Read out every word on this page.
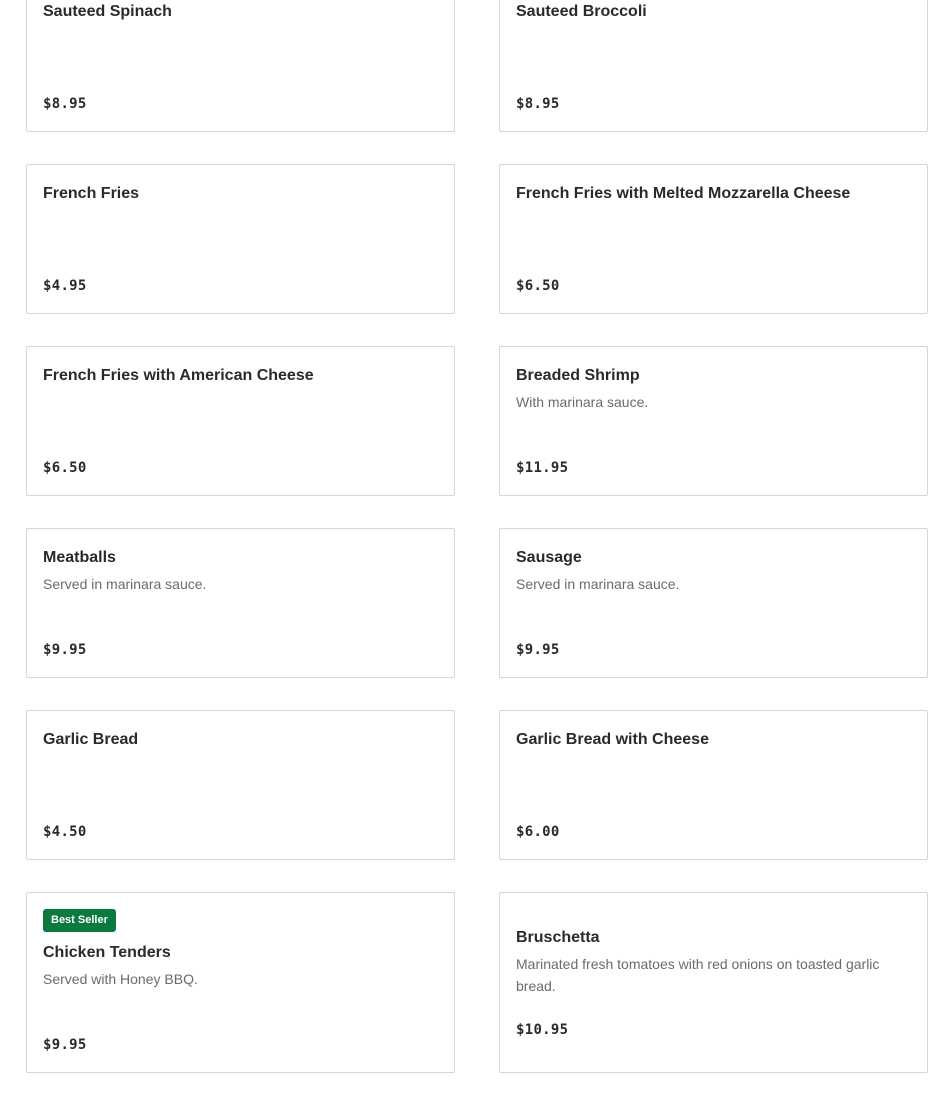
Sauteed Spinach
$8.95
Sauteed Broccoli
$8.95
French Fries
$4.95
French Fries with Melted Mozzarella Cheese
$6.50
French Fries with American Cheese
$6.50
Breaded Shrimp
With marinara sauce.
$11.95
Meatballs
Served in marinara sauce.
$9.95
Sausage
Served in marinara sauce.
$9.95
Garlic Bread
$4.50
Garlic Bread with Cheese
$6.00
Best Seller
Chicken Tenders
Served with Honey BBQ.
$9.95
Bruschetta
Marinated fresh tomatoes with red onions on toasted garlic bread.
$10.95
